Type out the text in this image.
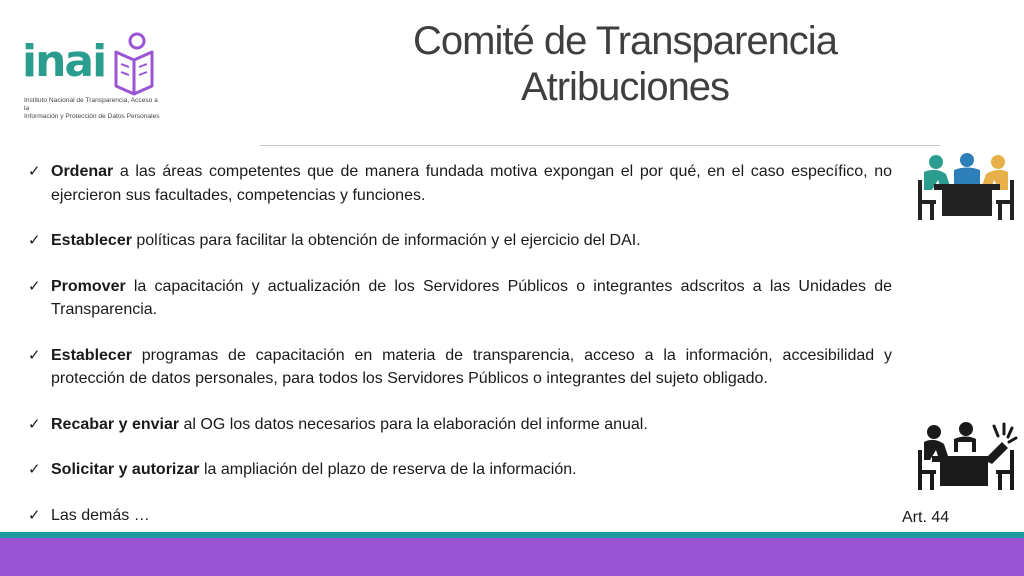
inai
Instituto Nacional de Transparencia, Acceso a la
Información y Protección de Datos Personales
Comité de Transparencia
Atribuciones
✓ Ordenar a las áreas competentes que de manera fundada motiva expongan el por qué, en el caso específico, no ejercieron sus facultades, competencias y funciones.
✓ Establecer políticas para facilitar la obtención de información y el ejercicio del DAI.
✓ Promover la capacitación y actualización de los Servidores Públicos o integrantes adscritos a las Unidades de Transparencia.
✓ Establecer programas de capacitación en materia de transparencia, acceso a la información, accesibilidad y protección de datos personales, para todos los Servidores Públicos o integrantes del sujeto obligado.
✓ Recabar y enviar al OG los datos necesarios para la elaboración del informe anual.
✓ Solicitar y autorizar la ampliación del plazo de reserva de la información.
✓ Las demás …	Art. 44
